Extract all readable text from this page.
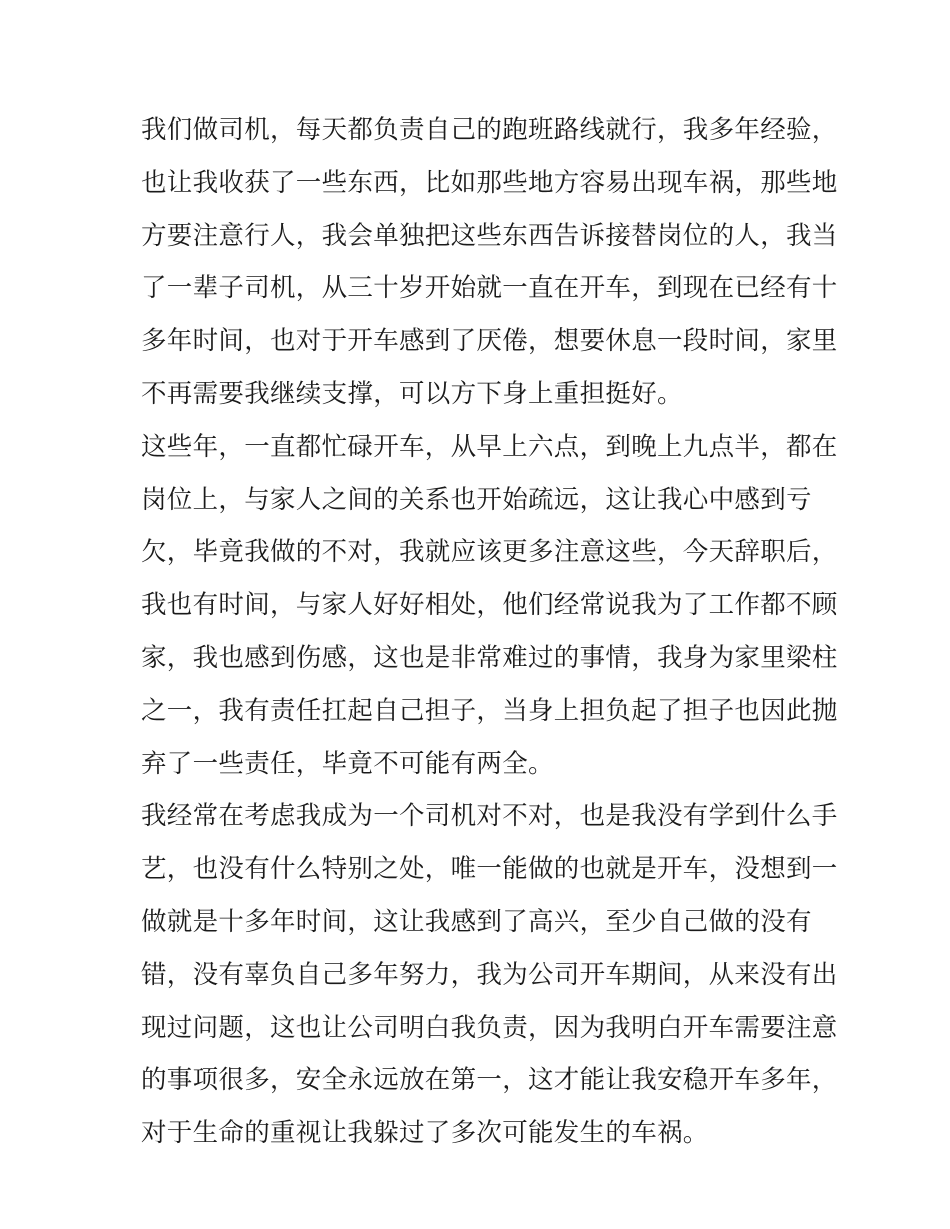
我们做司机，每天都负责自己的跑班路线就行，我多年经验，
也让我收获了一些东西，比如那些地方容易出现车祸，那些地
方要注意行人，我会单独把这些东西告诉接替岗位的人，我当
了一辈子司机，从三十岁开始就一直在开车，到现在已经有十
多年时间，也对于开车感到了厌倦，想要休息一段时间，家里
不再需要我继续支撑，可以方下身上重担挺好。
这些年，一直都忙碌开车，从早上六点，到晚上九点半，都在
岗位上，与家人之间的关系也开始疏远，这让我心中感到亏
欠，毕竟我做的不对，我就应该更多注意这些，今天辞职后，
我也有时间，与家人好好相处，他们经常说我为了工作都不顾
家，我也感到伤感，这也是非常难过的事情，我身为家里梁柱
之一，我有责任扛起自己担子，当身上担负起了担子也因此抛
弃了一些责任，毕竟不可能有两全。
我经常在考虑我成为一个司机对不对，也是我没有学到什么手
艺，也没有什么特别之处，唯一能做的也就是开车，没想到一
做就是十多年时间，这让我感到了高兴，至少自己做的没有
错，没有辜负自己多年努力，我为公司开车期间，从来没有出
现过问题，这也让公司明白我负责，因为我明白开车需要注意
的事项很多，安全永远放在第一，这才能让我安稳开车多年，
对于生命的重视让我躲过了多次可能发生的车祸。
